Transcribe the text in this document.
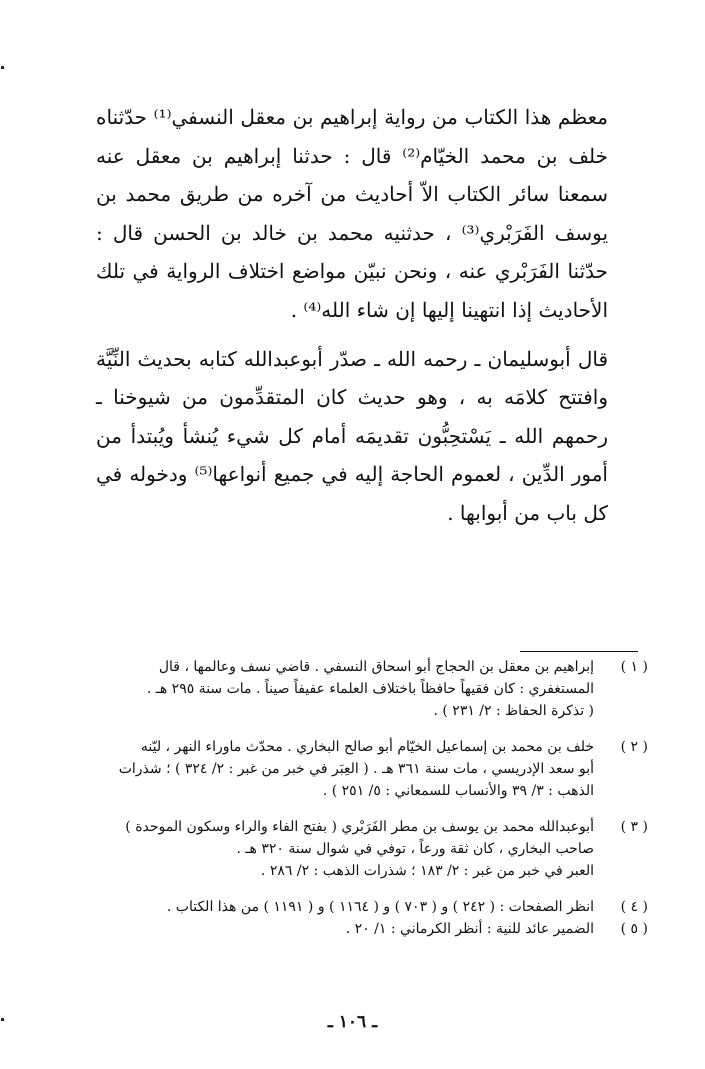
معظم هذا الكتاب من رواية إبراهيم بن معقل النسفي⁽¹⁾ حدّثناه خلف بن محمد الخيّام⁽²⁾ قال : حدثنا إبراهيم بن معقل عنه سمعنا سائر الكتاب الاّ أحاديث من آخره من طريق محمد بن يوسف الفَرَبْري⁽³⁾ ، حدثنيه محمد بن خالد بن الحسن قال : حدّثنا الفَرَبْري عنه ، ونحن نبيّن مواضع اختلاف الرواية في تلك الأحاديث إذا انتهينا إليها إن شاء الله⁽⁴⁾ .

قال أبوسليمان ـ رحمه الله ـ صدّر أبوعبدالله كتابه بحديث النِّيَّة وافتتح كلامَه به ، وهو حديث كان المتقدِّمون من شيوخنا ـ رحمهم الله ـ يَسْتحِبُّون تقديمَه أمام كل شيء يُنشأ ويُبتدأ من أمور الدِّين ، لعموم الحاجة إليه في جميع أنواعها⁽⁵⁾ ودخوله في كل باب من أبوابها .

( ١ )
إبراهيم بن معقل بن الحجاج أبو اسحاق النسفي . قاضي نسف وعالمها ، قال
المستغفري : كان فقيهاً حافظاً باختلاف العلماء عفيفاً صيناً . مات سنة ٢٩٥ هـ .
( تذكرة الحفاظ : ٢/ ٢٣١ ) .
( ٢ )
خلف بن محمد بن إسماعيل الخيّام أبو صالح البخاري . محدّث ماوراء النهر ، ليّنه
أبو سعد الإدريسي ، مات سنة ٣٦١ هـ . ( العِبَر في خبر من غبر : ٢/ ٣٢٤ ) ؛ شذرات
الذهب : ٣/ ٣٩ والأنساب للسمعاني : ٥/ ٢٥١ ) .
( ٣ )
أبوعبدالله محمد بن يوسف بن مطر الفَرَبْري ( بفتح الفاء والراء وسكون الموحدة )
صاحب البخاري ، كان ثقة ورعاً ، توفي في شوال سنة ٣٢٠ هـ .
العبر في خبر من غبر : ٢/ ١٨٣ ؛ شذرات الذهب : ٢/ ٢٨٦ .
( ٤ )
انظر الصفحات : ( ٢٤٢ ) و ( ٧٠٣ ) و ( ١١٦٤ ) و ( ١١٩١ ) من هذا الكتاب .
( ٥ )
الضمير عائد للنية : أنظر الكرماني : ١/ ٢٠ .
ـ ١٠٦ ـ
